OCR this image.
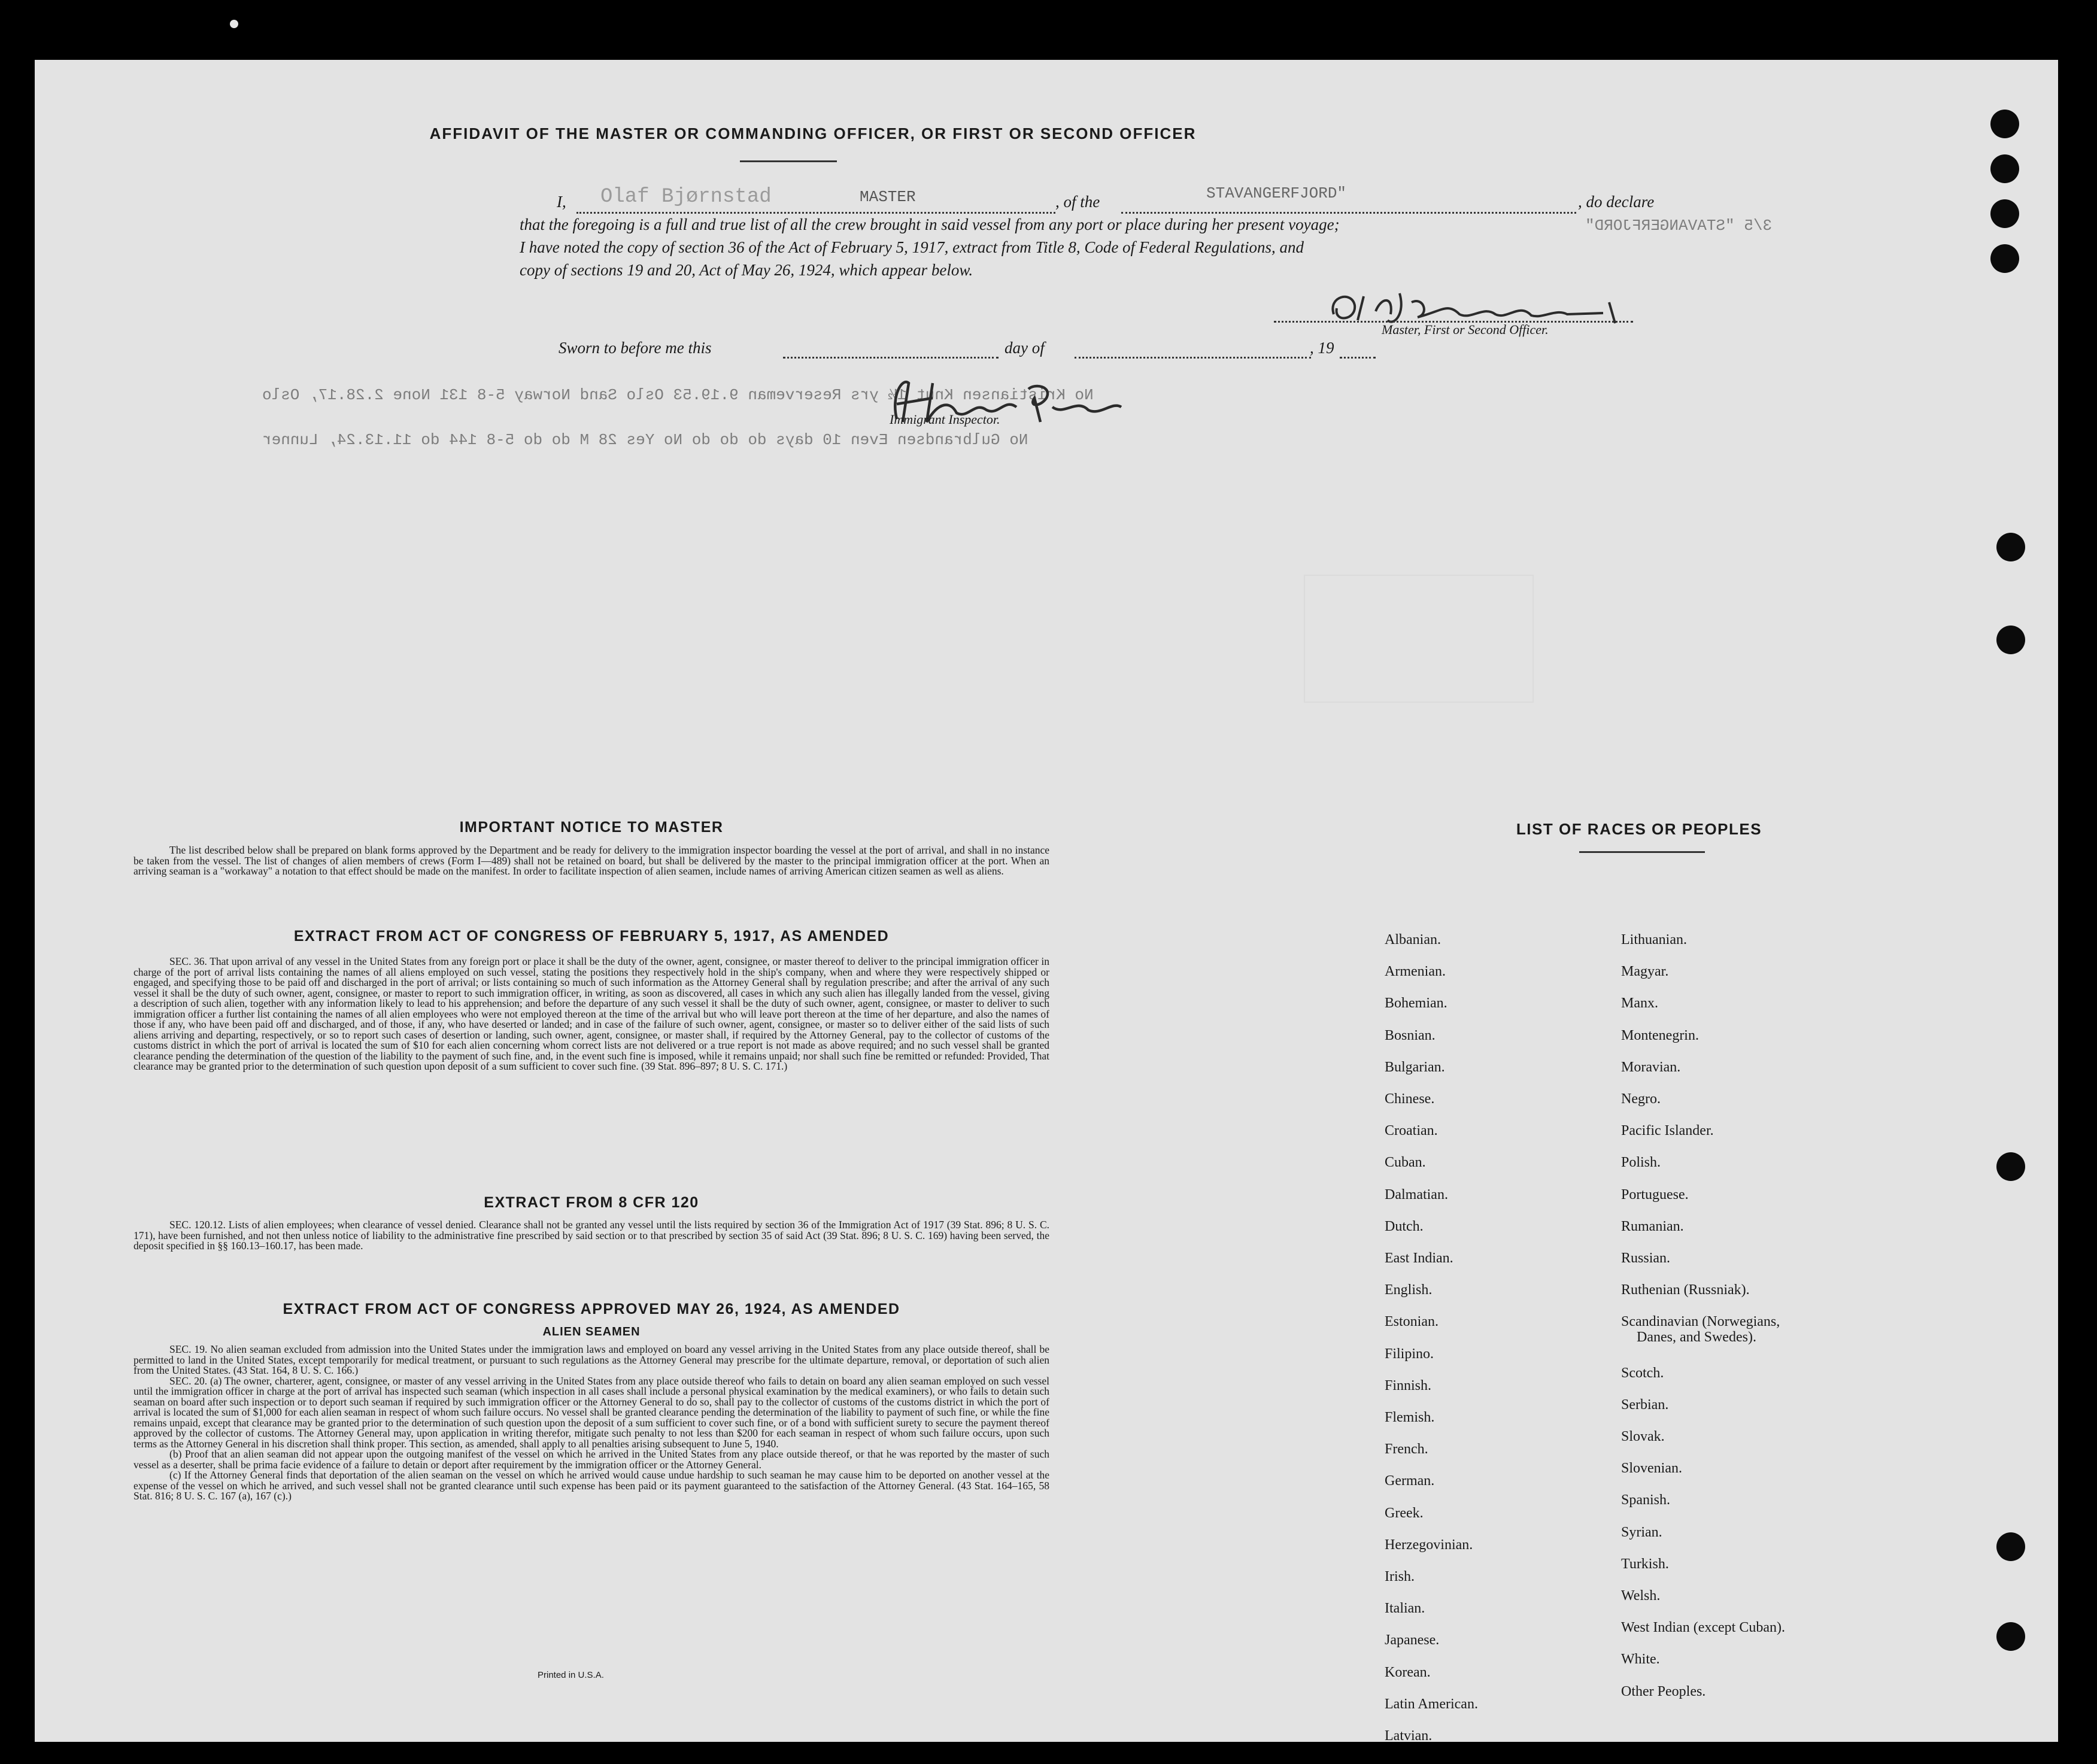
AFFIDAVIT OF THE MASTER OR COMMANDING OFFICER, OR FIRST OR SECOND OFFICER
I, Olaf Bjørnstad	MASTER	, of the	STAVANGERFJORD"	, do declare
that the foregoing is a full and true list of all the crew brought in said vessel from any port or place during her present voyage;
I have noted the copy of section 36 of the Act of February 5, 1917, extract from Title 8, Code of Federal Regulations, and
copy of sections 19 and 20, Act of May 26, 1924, which appear below.
3/5 "STAVANGERFJORD"
Master, First or Second Officer.
Sworn to before me this	day of	, 19
No Kristiansen Knut 1½ yrs Reserveman 9.19.53 Oslo Sand Norway 5-8 131 None 2.28.17, Oslo
No Gulbrandsen Even 10 days do do do No Yes 28 M do do 5-8 144 do 11.13.24, Lunner
Immigrant Inspector.
IMPORTANT NOTICE TO MASTER

The list described below shall be prepared on blank forms approved by the Department and be ready for delivery to the immigration inspector boarding the vessel at the port of arrival, and shall in no instance be taken from the vessel. The list of changes of alien members of crews (Form I—489) shall not be retained on board, but shall be delivered by the master to the principal immigration officer at the port. When an arriving seaman is a "workaway" a notation to that effect should be made on the manifest. In order to facilitate inspection of alien seamen, include names of arriving American citizen seamen as well as aliens.

EXTRACT FROM ACT OF CONGRESS OF FEBRUARY 5, 1917, AS AMENDED

SEC. 36. That upon arrival of any vessel in the United States from any foreign port or place it shall be the duty of the owner, agent, consignee, or master thereof to deliver to the principal immigration officer in charge of the port of arrival lists containing the names of all aliens employed on such vessel, stating the positions they respectively hold in the ship's company, when and where they were respectively shipped or engaged, and specifying those to be paid off and discharged in the port of arrival; or lists containing so much of such information as the Attorney General shall by regulation prescribe; and after the arrival of any such vessel it shall be the duty of such owner, agent, consignee, or master to report to such immigration officer, in writing, as soon as discovered, all cases in which any such alien has illegally landed from the vessel, giving a description of such alien, together with any information likely to lead to his apprehension; and before the departure of any such vessel it shall be the duty of such owner, agent, consignee, or master to deliver to such immigration officer a further list containing the names of all alien employees who were not employed thereon at the time of the arrival but who will leave port thereon at the time of her departure, and also the names of those if any, who have been paid off and discharged, and of those, if any, who have deserted or landed; and in case of the failure of such owner, agent, consignee, or master so to deliver either of the said lists of such aliens arriving and departing, respectively, or so to report such cases of desertion or landing, such owner, agent, consignee, or master shall, if required by the Attorney General, pay to the collector of customs of the customs district in which the port of arrival is located the sum of $10 for each alien concerning whom correct lists are not delivered or a true report is not made as above required; and no such vessel shall be granted clearance pending the determination of the question of the liability to the payment of such fine, and, in the event such fine is imposed, while it remains unpaid; nor shall such fine be remitted or refunded: Provided, That clearance may be granted prior to the determination of such question upon deposit of a sum sufficient to cover such fine. (39 Stat. 896–897; 8 U. S. C. 171.)

EXTRACT FROM 8 CFR 120

SEC. 120.12. Lists of alien employees; when clearance of vessel denied. Clearance shall not be granted any vessel until the lists required by section 36 of the Immigration Act of 1917 (39 Stat. 896; 8 U. S. C. 171), have been furnished, and not then unless notice of liability to the administrative fine prescribed by said section or to that prescribed by section 35 of said Act (39 Stat. 896; 8 U. S. C. 169) having been served, the deposit specified in §§ 160.13–160.17, has been made.

EXTRACT FROM ACT OF CONGRESS APPROVED MAY 26, 1924, AS AMENDED
ALIEN SEAMEN

SEC. 19. No alien seaman excluded from admission into the United States under the immigration laws and employed on board any vessel arriving in the United States from any place outside thereof, shall be permitted to land in the United States, except temporarily for medical treatment, or pursuant to such regulations as the Attorney General may prescribe for the ultimate departure, removal, or deportation of such alien from the United States. (43 Stat. 164, 8 U. S. C. 166.)

SEC. 20. (a) The owner, charterer, agent, consignee, or master of any vessel arriving in the United States from any place outside thereof who fails to detain on board any alien seaman employed on such vessel until the immigration officer in charge at the port of arrival has inspected such seaman (which inspection in all cases shall include a personal physical examination by the medical examiners), or who fails to detain such seaman on board after such inspection or to deport such seaman if required by such immigration officer or the Attorney General to do so, shall pay to the collector of customs of the customs district in which the port of arrival is located the sum of $1,000 for each alien seaman in respect of whom such failure occurs. No vessel shall be granted clearance pending the determination of the liability to payment of such fine, or while the fine remains unpaid, except that clearance may be granted prior to the determination of such question upon the deposit of a sum sufficient to cover such fine, or of a bond with sufficient surety to secure the payment thereof approved by the collector of customs. The Attorney General may, upon application in writing therefor, mitigate such penalty to not less than $200 for each seaman in respect of whom such failure occurs, upon such terms as the Attorney General in his discretion shall think proper. This section, as amended, shall apply to all penalties arising subsequent to June 5, 1940.

(b) Proof that an alien seaman did not appear upon the outgoing manifest of the vessel on which he arrived in the United States from any place outside thereof, or that he was reported by the master of such vessel as a deserter, shall be prima facie evidence of a failure to detain or deport after requirement by the immigration officer or the Attorney General.

(c) If the Attorney General finds that deportation of the alien seaman on the vessel on which he arrived would cause undue hardship to such seaman he may cause him to be deported on another vessel at the expense of the vessel on which he arrived, and such vessel shall not be granted clearance until such expense has been paid or its payment guaranteed to the satisfaction of the Attorney General. (43 Stat. 164–165, 58 Stat. 816; 8 U. S. C. 167 (a), 167 (c).)

Printed in U.S.A.
LIST OF RACES OR PEOPLES
Albanian.
Armenian.
Bohemian.
Bosnian.
Bulgarian.
Chinese.
Croatian.
Cuban.
Dalmatian.
Dutch.
East Indian.
English.
Estonian.
Filipino.
Finnish.
Flemish.
French.
German.
Greek.
Herzegovinian.
Irish.
Italian.
Japanese.
Korean.
Latin American.
Latvian.
Lithuanian.
Magyar.
Manx.
Montenegrin.
Moravian.
Negro.
Pacific Islander.
Polish.
Portuguese.
Rumanian.
Russian.
Ruthenian (Russniak).
Scandinavian (Norwegians,
Danes, and Swedes).
Scotch.
Serbian.
Slovak.
Slovenian.
Spanish.
Syrian.
Turkish.
Welsh.
West Indian (except Cuban).
White.
Other Peoples.
